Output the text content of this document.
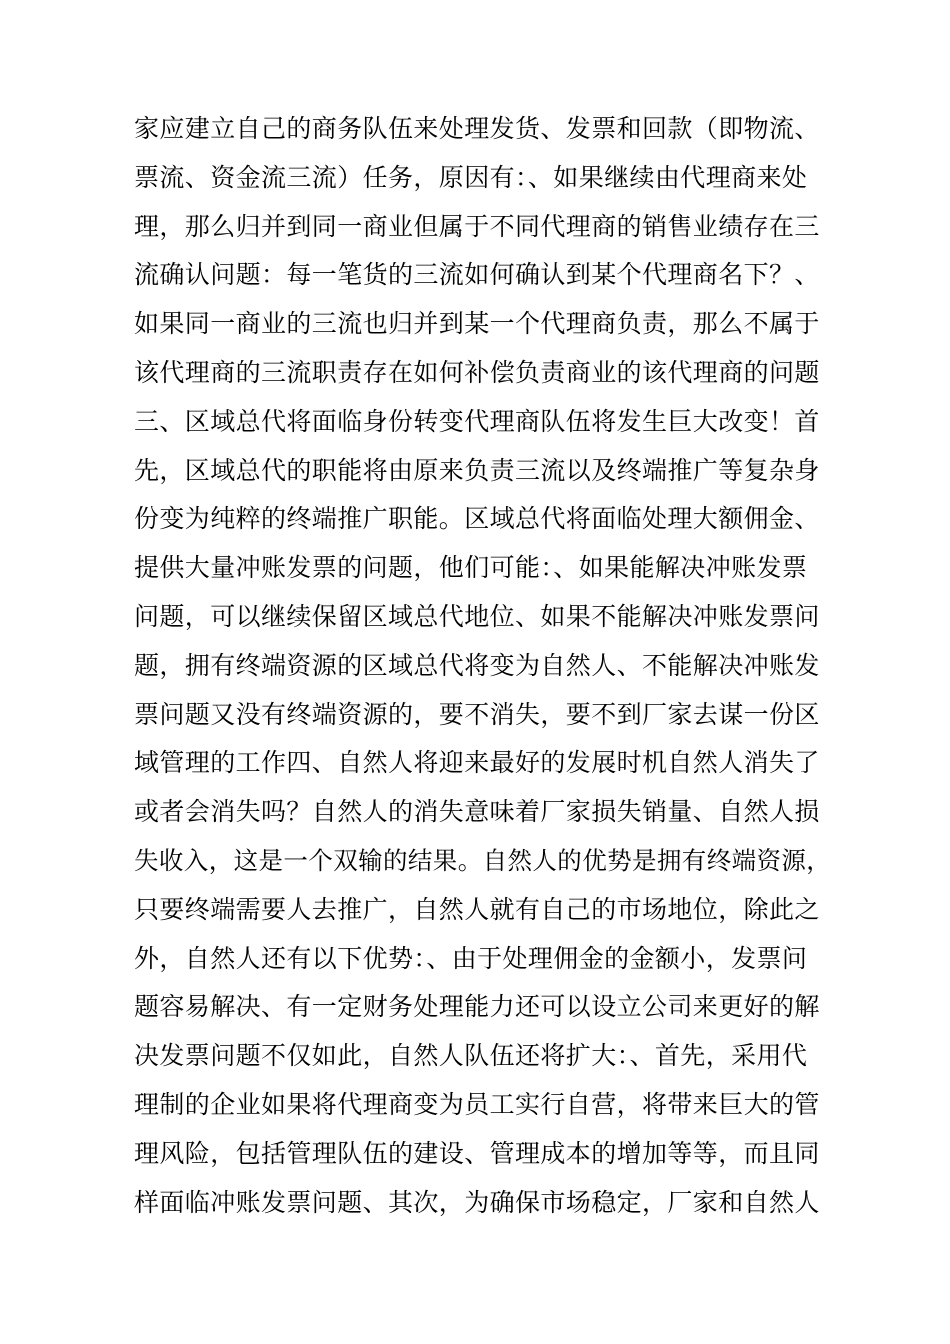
家应建立自己的商务队伍来处理发货、发票和回款（即物流、
票流、资金流三流）任务，原因有：、如果继续由代理商来处
理，那么归并到同一商业但属于不同代理商的销售业绩存在三
流确认问题：每一笔货的三流如何确认到某个代理商名下？、
如果同一商业的三流也归并到某一个代理商负责，那么不属于
该代理商的三流职责存在如何补偿负责商业的该代理商的问题
三、区域总代将面临身份转变代理商队伍将发生巨大改变！首
先，区域总代的职能将由原来负责三流以及终端推广等复杂身
份变为纯粹的终端推广职能。区域总代将面临处理大额佣金、
提供大量冲账发票的问题，他们可能：、如果能解决冲账发票
问题，可以继续保留区域总代地位、如果不能解决冲账发票问
题，拥有终端资源的区域总代将变为自然人、不能解决冲账发
票问题又没有终端资源的，要不消失，要不到厂家去谋一份区
域管理的工作四、自然人将迎来最好的发展时机自然人消失了
或者会消失吗？自然人的消失意味着厂家损失销量、自然人损
失收入，这是一个双输的结果。自然人的优势是拥有终端资源，
只要终端需要人去推广，自然人就有自己的市场地位，除此之
外，自然人还有以下优势：、由于处理佣金的金额小，发票问
题容易解决、有一定财务处理能力还可以设立公司来更好的解
决发票问题不仅如此，自然人队伍还将扩大：、首先，采用代
理制的企业如果将代理商变为员工实行自营，将带来巨大的管
理风险，包括管理队伍的建设、管理成本的增加等等，而且同
样面临冲账发票问题、其次，为确保市场稳定，厂家和自然人
